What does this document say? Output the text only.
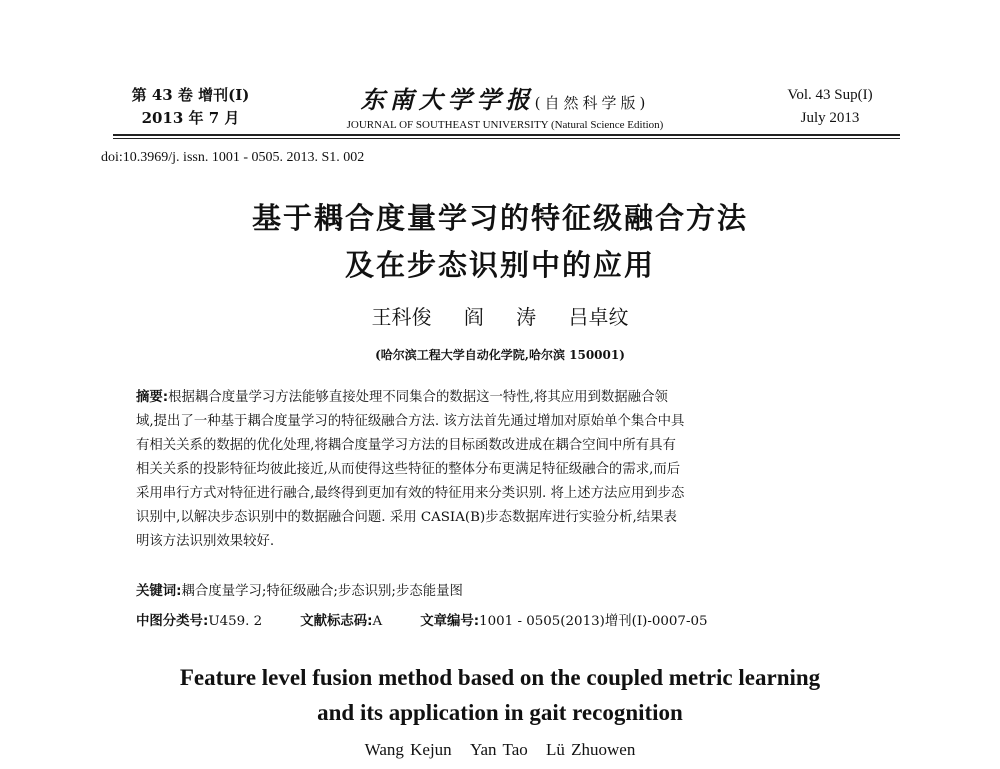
第 43 卷 增刊(I)
2013 年 7 月
东南大学学报(自然科学版)
JOURNAL OF SOUTHEAST UNIVERSITY (Natural Science Edition)
Vol. 43 Sup(I)
July 2013
doi:10.3969/j. issn. 1001 - 0505. 2013. S1. 002
基于耦合度量学习的特征级融合方法
及在步态识别中的应用
王科俊 阎 涛 吕卓纹
(哈尔滨工程大学自动化学院,哈尔滨 150001)
摘要:根据耦合度量学习方法能够直接处理不同集合的数据这一特性,将其应用到数据融合领
域,提出了一种基于耦合度量学习的特征级融合方法. 该方法首先通过增加对原始单个集合中具
有相关关系的数据的优化处理,将耦合度量学习方法的目标函数改进成在耦合空间中所有具有
相关关系的投影特征均彼此接近,从而使得这些特征的整体分布更满足特征级融合的需求,而后
采用串行方式对特征进行融合,最终得到更加有效的特征用来分类识别. 将上述方法应用到步态
识别中,以解决步态识别中的数据融合问题. 采用 CASIA(B)步态数据库进行实验分析,结果表
明该方法识别效果较好.
关键词:耦合度量学习;特征级融合;步态识别;步态能量图
中图分类号:U459. 2	文献标志码:A	文章编号:1001 - 0505(2013)增刊(I)-0007-05
Feature level fusion method based on the coupled metric learning
and its application in gait recognition
Wang Kejun Yan Tao Lü Zhuowen
